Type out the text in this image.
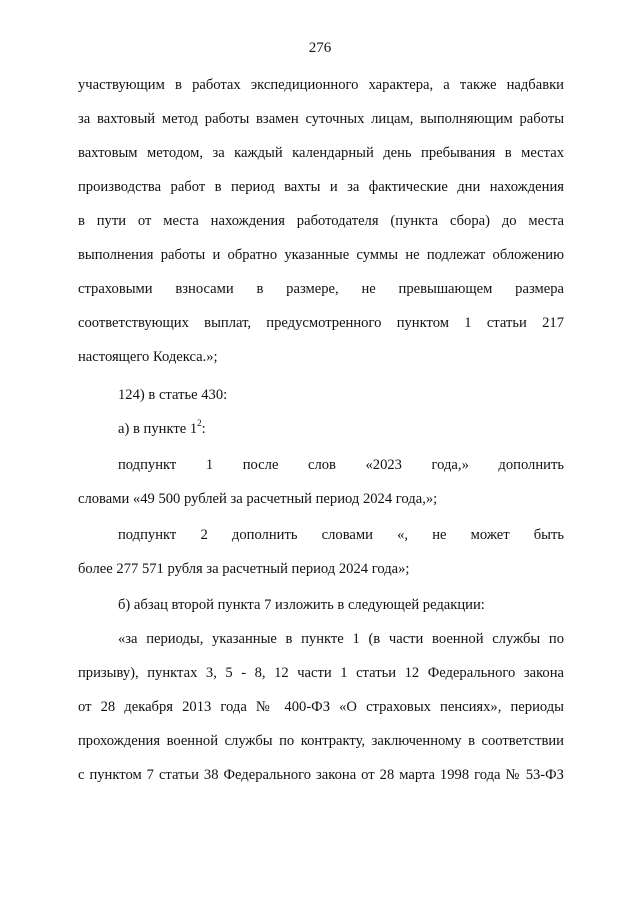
276
участвующим в работах экспедиционного характера, а также надбавки
за вахтовый метод работы взамен суточных лицам, выполняющим работы
вахтовым методом, за каждый календарный день пребывания в местах
производства работ в период вахты и за фактические дни нахождения
в пути от места нахождения работодателя (пункта сбора) до места
выполнения работы и обратно указанные суммы не подлежат обложению
страховыми взносами в размере, не превышающем размера
соответствующих выплат, предусмотренного пунктом 1 статьи 217
настоящего Кодекса.»;
124) в статье 430:
а) в пункте $1^2$:
подпункт 1 после слов «2023 года,» дополнить
словами «49 500 рублей за расчетный период 2024 года,»;
подпункт 2 дополнить словами «, не может быть
более 277 571 рубля за расчетный период 2024 года»;
б) абзац второй пункта 7 изложить в следующей редакции:
«за периоды, указанные в пункте 1 (в части военной службы по
призыву), пунктах 3, 5 - 8, 12 части 1 статьи 12 Федерального закона
от 28 декабря 2013 года № 400-ФЗ «О страховых пенсиях», периоды
прохождения военной службы по контракту, заключенному в соответствии
с пунктом 7 статьи 38 Федерального закона от 28 марта 1998 года № 53-ФЗ
